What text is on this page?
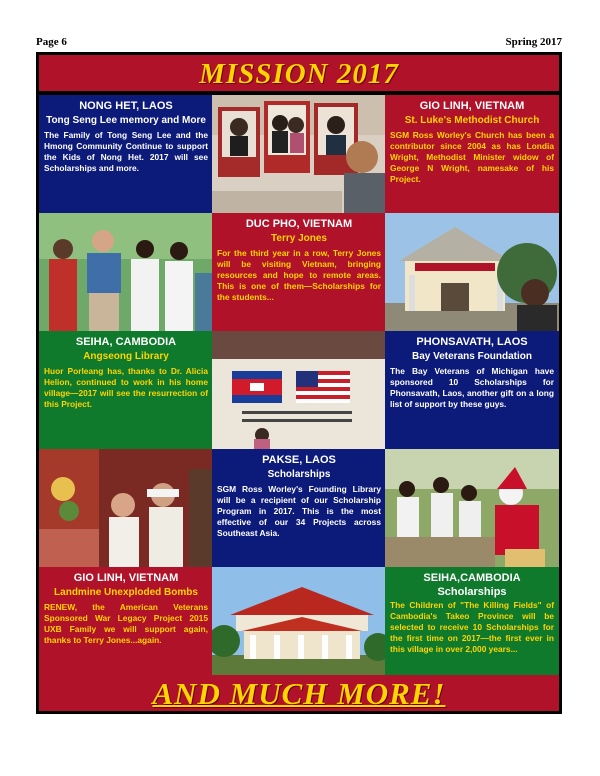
Page 6	Spring 2017
MISSION 2017
NONG HET, LAOS
Tong Seng Lee memory and More
The Family of Tong Seng Lee and the Hmong Community Continue to support the Kids of Nong Het. 2017 will see Scholarships and more.
GIO LINH, VIETNAM
St. Luke's Methodist Church
SGM Ross Worley's Church has been a contributor since 2004 as has Londia Wright, Methodist Minister widow of George N Wright, namesake of his Project.
DUC PHO, VIETNAM
Terry Jones
For the third year in a row, Terry Jones will be visiting Vietnam, bringing resources and hope to remote areas. This is one of them—Scholarships for the students...
SEIHA, CAMBODIA
Angseong Library
Huor Porleang has, thanks to Dr. Alicia Helion, continued to work in his home village—2017 will see the resurrection of this Project.
PHONSAVATH, LAOS
Bay Veterans Foundation
The Bay Veterans of Michigan have sponsored 10 Scholarships for Phonsavath, Laos, another gift on a long list of support by these guys.
PAKSE, LAOS
Scholarships
SGM Ross Worley's Founding Library will be a recipient of our Scholarship Program in 2017. This is the most effective of our 34 Projects across Southeast Asia.
GIO LINH, VIETNAM
Landmine Unexploded Bombs
RENEW, the American Veterans Sponsored War Legacy Project 2015 UXB Family we will support again, thanks to Terry Jones...again.
SEIHA,CAMBODIA Scholarships
The Children of "The Killing Fields" of Cambodia's Takeo Province will be selected to receive 10 Scholarships for the first time on 2017—the first ever in this village in over 2,000 years...
AND MUCH MORE!
